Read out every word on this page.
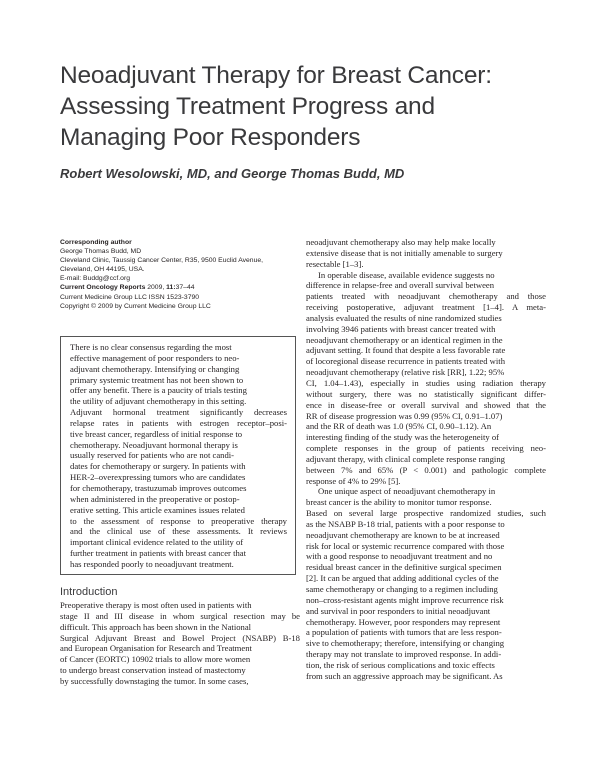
Neoadjuvant Therapy for Breast Cancer:
Assessing Treatment Progress and
Managing Poor Responders
Robert Wesolowski, MD, and George Thomas Budd, MD
Corresponding author
George Thomas Budd, MD
Cleveland Clinic, Taussig Cancer Center, R35, 9500 Euclid Avenue,
Cleveland, OH 44195, USA.
E-mail: Buddg@ccf.org
Current Oncology Reports 2009, 11:37–44
Current Medicine Group LLC ISSN 1523-3790
Copyright © 2009 by Current Medicine Group LLC
There is no clear consensus regarding the most
effective management of poor responders to neo-
adjuvant chemotherapy. Intensifying or changing
primary systemic treatment has not been shown to
offer any benefit. There is a paucity of trials testing
the utility of adjuvant chemotherapy in this setting.
Adjuvant hormonal treatment significantly decreases
relapse rates in patients with estrogen receptor–posi-
tive breast cancer, regardless of initial response to
chemotherapy. Neoadjuvant hormonal therapy is
usually reserved for patients who are not candi-
dates for chemotherapy or surgery. In patients with
HER-2–overexpressing tumors who are candidates
for chemotherapy, trastuzumab improves outcomes
when administered in the preoperative or postop-
erative setting. This article examines issues related
to the assessment of response to preoperative therapy
and the clinical use of these assessments. It reviews
important clinical evidence related to the utility of
further treatment in patients with breast cancer that
has responded poorly to neoadjuvant treatment.
Introduction
Preoperative therapy is most often used in patients with
stage II and III disease in whom surgical resection may be
difficult. This approach has been shown in the National
Surgical Adjuvant Breast and Bowel Project (NSABP) B-18
and European Organisation for Research and Treatment
of Cancer (EORTC) 10902 trials to allow more women
to undergo breast conservation instead of mastectomy
by successfully downstaging the tumor. In some cases,
neoadjuvant chemotherapy also may help make locally
extensive disease that is not initially amenable to surgery
resectable [1–3].
In operable disease, available evidence suggests no
difference in relapse-free and overall survival between
patients treated with neoadjuvant chemotherapy and those
receiving postoperative, adjuvant treatment [1–4]. A meta-
analysis evaluated the results of nine randomized studies
involving 3946 patients with breast cancer treated with
neoadjuvant chemotherapy or an identical regimen in the
adjuvant setting. It found that despite a less favorable rate
of locoregional disease recurrence in patients treated with
neoadjuvant chemotherapy (relative risk [RR], 1.22; 95%
CI, 1.04–1.43), especially in studies using radiation therapy
without surgery, there was no statistically significant differ-
ence in disease-free or overall survival and showed that the
RR of disease progression was 0.99 (95% CI, 0.91–1.07)
and the RR of death was 1.0 (95% CI, 0.90–1.12). An
interesting finding of the study was the heterogeneity of
complete responses in the group of patients receiving neo-
adjuvant therapy, with clinical complete response ranging
between 7% and 65% (P < 0.001) and pathologic complete
response of 4% to 29% [5].
One unique aspect of neoadjuvant chemotherapy in
breast cancer is the ability to monitor tumor response.
Based on several large prospective randomized studies, such
as the NSABP B-18 trial, patients with a poor response to
neoadjuvant chemotherapy are known to be at increased
risk for local or systemic recurrence compared with those
with a good response to neoadjuvant treatment and no
residual breast cancer in the definitive surgical specimen
[2]. It can be argued that adding additional cycles of the
same chemotherapy or changing to a regimen including
non–cross-resistant agents might improve recurrence risk
and survival in poor responders to initial neoadjuvant
chemotherapy. However, poor responders may represent
a population of patients with tumors that are less respon-
sive to chemotherapy; therefore, intensifying or changing
therapy may not translate to improved response. In addi-
tion, the risk of serious complications and toxic effects
from such an aggressive approach may be significant. As
